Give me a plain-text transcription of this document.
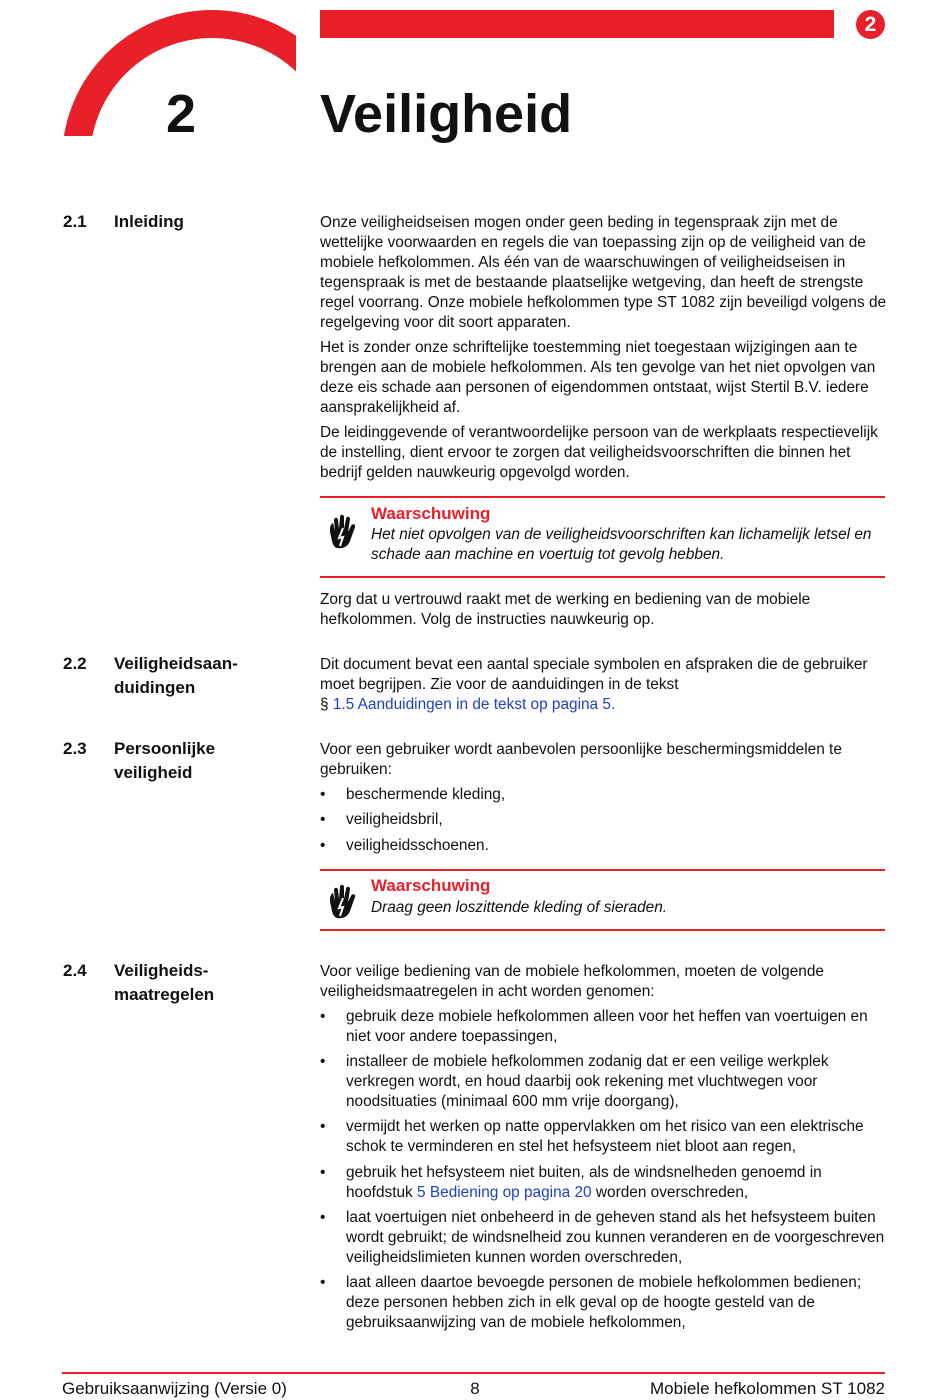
2
2 Veiligheid
2.1 Inleiding	Onze veiligheidseisen mogen onder geen beding in tegenspraak zijn met de wettelijke voorwaarden en regels die van toepassing zijn op de veiligheid van de mobiele hefkolommen. Als één van de waarschuwingen of veiligheidseisen in tegenspraak is met de bestaande plaatselijke wetgeving, dan heeft de strengste regel voorrang. Onze mobiele hefkolommen type ST 1082 zijn beveiligd volgens de regelgeving voor dit soort apparaten.

Het is zonder onze schriftelijke toestemming niet toegestaan wijzigingen aan te brengen aan de mobiele hefkolommen. Als ten gevolge van het niet opvolgen van deze eis schade aan personen of eigendommen ontstaat, wijst Stertil B.V. iedere aansprakelijkheid af.

De leidinggevende of verantwoordelijke persoon van de werkplaats respectievelijk de instelling, dient ervoor te zorgen dat veiligheidsvoorschriften die binnen het bedrijf gelden nauwkeurig opgevolgd worden.

Waarschuwing
Het niet opvolgen van de veiligheidsvoorschriften kan lichamelijk letsel en schade aan machine en voertuig tot gevolg hebben.

Zorg dat u vertrouwd raakt met de werking en bediening van de mobiele hefkolommen. Volg de instructies nauwkeurig op.

2.2 Veiligheidsaan-
duidingen

Dit document bevat een aantal speciale symbolen en afspraken die de gebruiker moet begrijpen. Zie voor de aanduidingen in de tekst

§ 1.5 Aanduidingen in de tekst op pagina 5.
2.3 Persoonlijke
veiligheid

Voor een gebruiker wordt aanbevolen persoonlijke beschermingsmiddelen te gebruiken:

• beschermende kleding,
• veiligheidsbril,
• veiligheidsschoenen.
Waarschuwing
Draag geen loszittende kleding of sieraden.
2.4 Veiligheids-
maatregelen

Voor veilige bediening van de mobiele hefkolommen, moeten de volgende veiligheidsmaatregelen in acht worden genomen:

• gebruik deze mobiele hefkolommen alleen voor het heffen van voertuigen en niet voor andere toepassingen,
• installeer de mobiele hefkolommen zodanig dat er een veilige werkplek verkregen wordt, en houd daarbij ook rekening met vluchtwegen voor noodsituaties (minimaal 600 mm vrije doorgang),
• vermijdt het werken op natte oppervlakken om het risico van een elektrische schok te verminderen en stel het hefsysteem niet bloot aan regen,
• gebruik het hefsysteem niet buiten, als de windsnelheden genoemd in hoofdstuk 5 Bediening op pagina 20 worden overschreden,
• laat voertuigen niet onbeheerd in de geheven stand als het hefsysteem buiten wordt gebruikt; de windsnelheid zou kunnen veranderen en de voorgeschreven veiligheidslimieten kunnen worden overschreden,
• laat alleen daartoe bevoegde personen de mobiele hefkolommen bedienen; deze personen hebben zich in elk geval op de hoogte gesteld van de gebruiksaanwijzing van de mobiele hefkolommen,
Gebruiksaanwijzing (Versie 0)	8	Mobiele hefkolommen ST 1082
